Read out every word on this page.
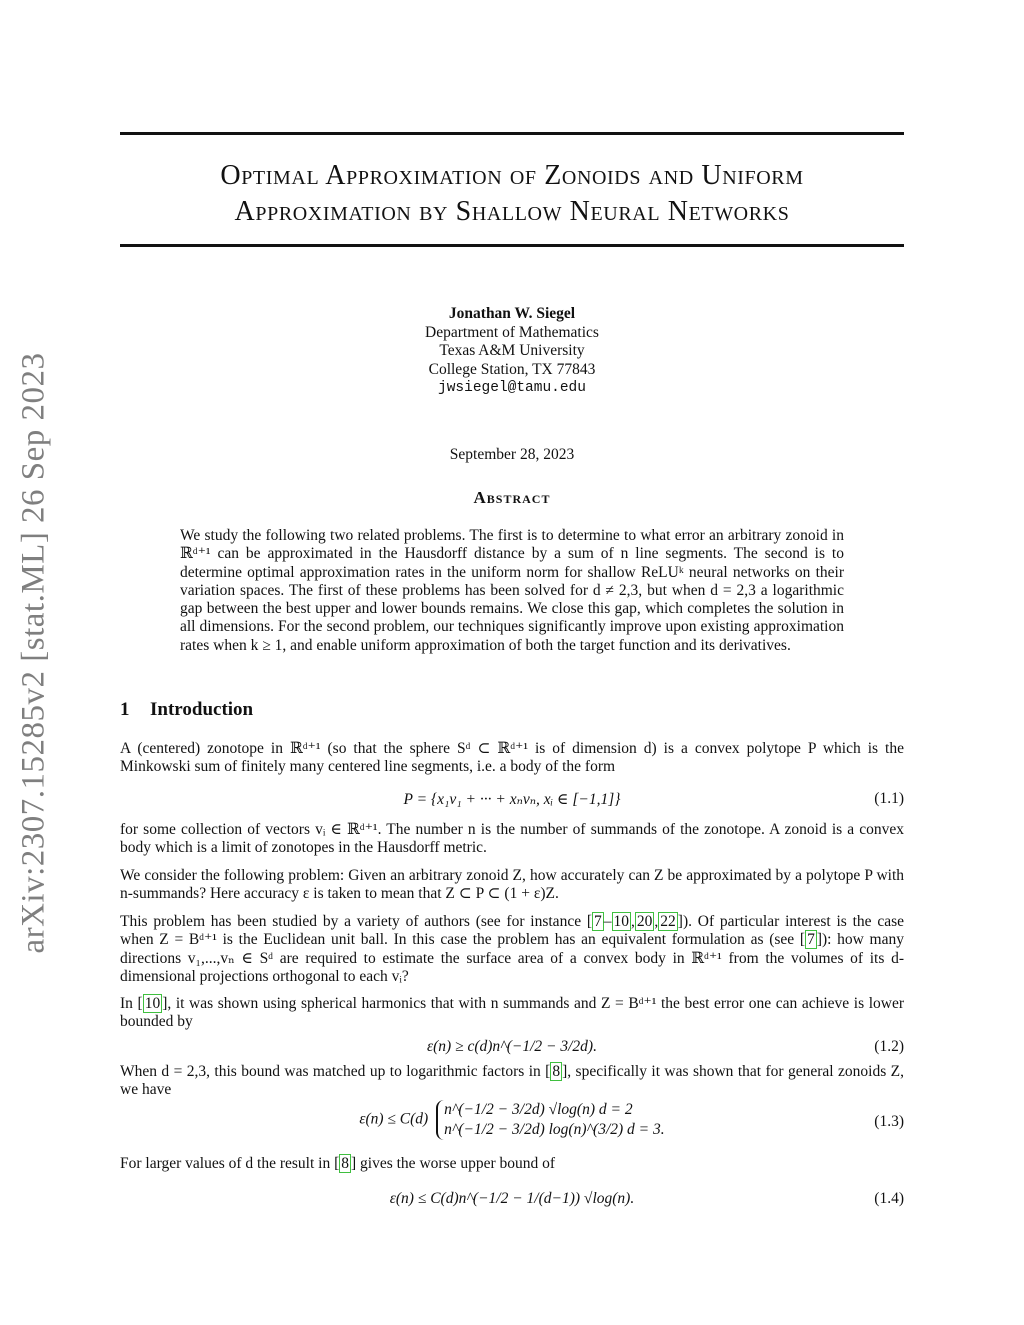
arXiv:2307.15285v2 [stat.ML] 26 Sep 2023
Optimal Approximation of Zonoids and Uniform
Approximation by Shallow Neural Networks
Jonathan W. Siegel
Department of Mathematics
Texas A&M University
College Station, TX 77843
jwsiegel@tamu.edu
September 28, 2023
Abstract
We study the following two related problems. The first is to determine to what error an arbitrary zonoid in ℝᵈ⁺¹ can be approximated in the Hausdorff distance by a sum of n line segments. The second is to determine optimal approximation rates in the uniform norm for shallow ReLUᵏ neural networks on their variation spaces. The first of these problems has been solved for d ≠ 2,3, but when d = 2,3 a logarithmic gap between the best upper and lower bounds remains. We close this gap, which completes the solution in all dimensions. For the second problem, our techniques significantly improve upon existing approximation rates when k ≥ 1, and enable uniform approximation of both the target function and its derivatives.
1 Introduction
A (centered) zonotope in ℝᵈ⁺¹ (so that the sphere Sᵈ ⊂ ℝᵈ⁺¹ is of dimension d) is a convex polytope P which is the Minkowski sum of finitely many centered line segments, i.e. a body of the form
P = {x₁v₁ + ··· + xₙvₙ, xᵢ ∈ [−1,1]}	(1.1)
for some collection of vectors vᵢ ∈ ℝᵈ⁺¹. The number n is the number of summands of the zonotope. A zonoid is a convex body which is a limit of zonotopes in the Hausdorff metric.
We consider the following problem: Given an arbitrary zonoid Z, how accurately can Z be approximated by a polytope P with n-summands? Here accuracy ε is taken to mean that Z ⊂ P ⊂ (1 + ε)Z.
This problem has been studied by a variety of authors (see for instance [ 7 – 10 , 20 , 22 ]). Of particular interest is the case when Z = Bᵈ⁺¹ is the Euclidean unit ball. In this case the problem has an equivalent formulation as (see [ 7 ]): how many directions v₁,...,vₙ ∈ Sᵈ are required to estimate the surface area of a convex body in ℝᵈ⁺¹ from the volumes of its d-dimensional projections orthogonal to each vᵢ?
In [ 10 ], it was shown using spherical harmonics that with n summands and Z = Bᵈ⁺¹ the best error one can achieve is lower bounded by
ε(n) ≥ c(d)n^(−1/2 − 3/2d).	(1.2)
When d = 2,3, this bound was matched up to logarithmic factors in [ 8 ], specifically it was shown that for general zonoids Z, we have
ε(n) ≤ C(d)
n^(−1/2 − 3/2d) √log(n) d = 2
n^(−1/2 − 3/2d) log(n)^(3/2) d = 3.	(1.3)
For larger values of d the result in [ 8 ] gives the worse upper bound of
ε(n) ≤ C(d)n^(−1/2 − 1/(d−1)) √log(n).	(1.4)
